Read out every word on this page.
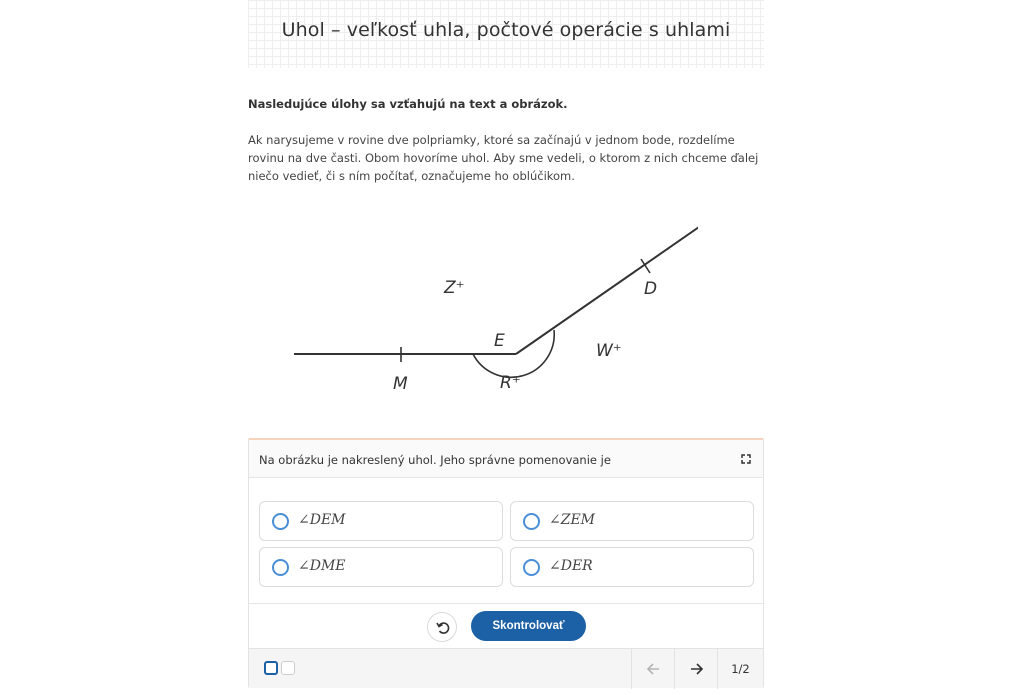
Uhol – veľkosť uhla, počtové operácie s uhlami

Nasledujúce úlohy sa vzťahujú na text a obrázok.

Ak narysujeme v rovine dve polpriamky, ktoré sa začínajú v jednom bode, rozdelíme rovinu na dve časti. Obom hovoríme uhol. Aby sme vedeli, o ktorom z nich chceme ďalej niečo vedieť, či s ním počítať, označujeme ho oblúčikom.

Z⁺	D
E	W⁺
M	R⁺
Na obrázku je nakreslený uhol. Jeho správne pomenovanie je
∠DEM	∠ZEM
∠DME	∠DER
Skontrolovať
1/2
